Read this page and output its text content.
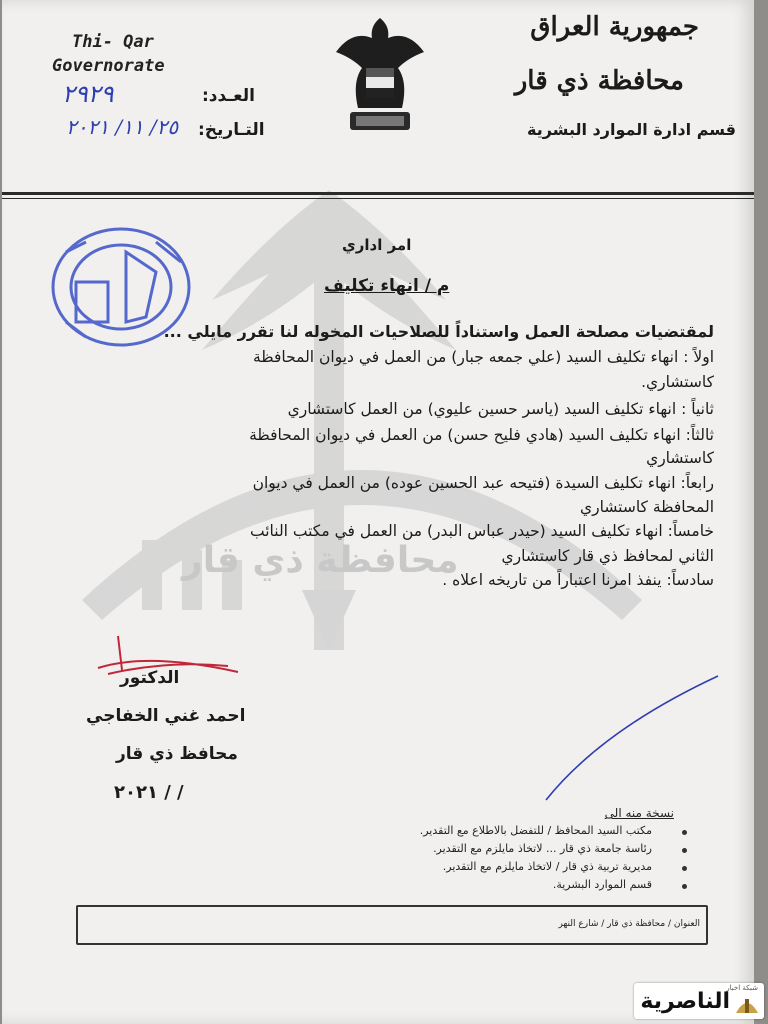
محافظة ذي قار
Thi- Qar
Governorate
العـدد:
٢٩٢٩
التـاريخ:
٢٥/ ١١/ ٢٠٢١
جمهورية العراق
محافظة ذي قار
قسم ادارة الموارد البشرية
امر اداري
م / انهاء تكليف
لمقتضيات مصلحة العمل واستناداً للصلاحيات المخوله لنا تقرر مايلي ...
اولاً : انهاء تكليف السيد (علي جمعه جبار) من العمل في ديوان المحافظة
كاستشاري.
ثانياً : انهاء تكليف السيد (ياسر حسين عليوي) من العمل كاستشاري
ثالثاً: انهاء تكليف السيد (هادي فليح حسن) من العمل في ديوان المحافظة
كاستشاري
رابعاً: انهاء تكليف السيدة (فتيحه عبد الحسين عوده) من العمل في ديوان
المحافظة كاستشاري
خامساً: انهاء تكليف السيد (حيدر عباس البدر) من العمل في مكتب النائب
الثاني لمحافظ ذي قار كاستشاري
سادساً: ينفذ امرنا اعتباراً من تاريخه اعلاه .
الدكتور
احمد غني الخفاجي
محافظ ذي قار
/ / ٢٠٢١
نسخة منه الى
مكتب السيد المحافظ / للتفضل بالاطلاع مع التقدير.
رئاسة جامعة ذي قار ... لاتخاذ مايلزم مع التقدير.
مديرية تربية ذي قار / لاتخاذ مايلزم مع التقدير.
قسم الموارد البشرية.
العنوان / محافظة ذي قار / شارع النهر
شبكة اخبار
الناصرية
